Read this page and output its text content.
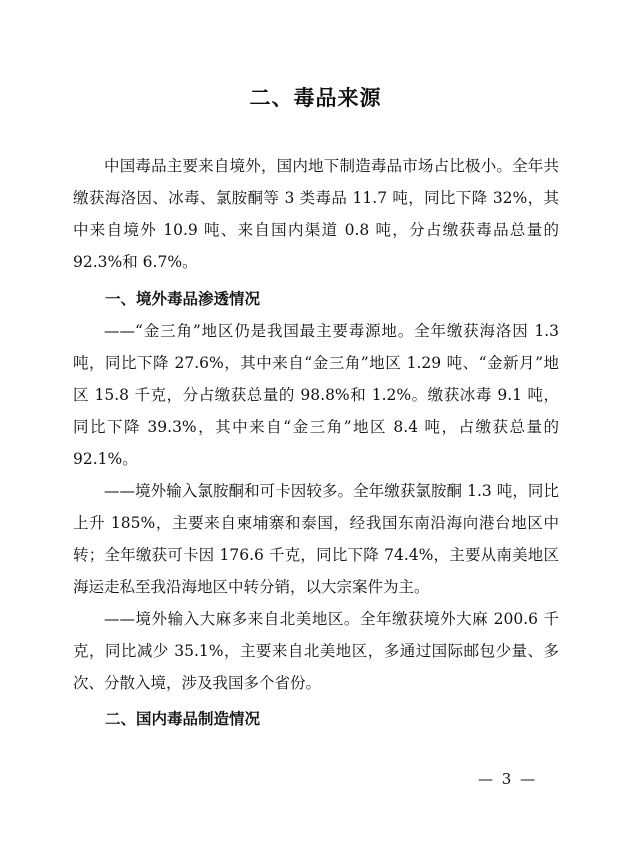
二、毒品来源

中国毒品主要来自境外，国内地下制造毒品市场占比极小。全年共缴获海洛因、冰毒、氯胺酮等 3 类毒品 11.7 吨，同比下降 32%，其中来自境外 10.9 吨、来自国内渠道 0.8 吨，分占缴获毒品总量的 92.3%和 6.7%。

一、境外毒品渗透情况

——“金三角”地区仍是我国最主要毒源地。全年缴获海洛因 1.3 吨，同比下降 27.6%，其中来自“金三角”地区 1.29 吨、“金新月”地区 15.8 千克，分占缴获总量的 98.8%和 1.2%。缴获冰毒 9.1 吨，同比下降 39.3%，其中来自“金三角”地区 8.4 吨，占缴获总量的 92.1%。

——境外输入氯胺酮和可卡因较多。全年缴获氯胺酮 1.3 吨，同比上升 185%，主要来自柬埔寨和泰国，经我国东南沿海向港台地区中转；全年缴获可卡因 176.6 千克，同比下降 74.4%，主要从南美地区海运走私至我沿海地区中转分销，以大宗案件为主。

——境外输入大麻多来自北美地区。全年缴获境外大麻 200.6 千克，同比减少 35.1%，主要来自北美地区，多通过国际邮包少量、多次、分散入境，涉及我国多个省份。

二、国内毒品制造情况

— 3 —
